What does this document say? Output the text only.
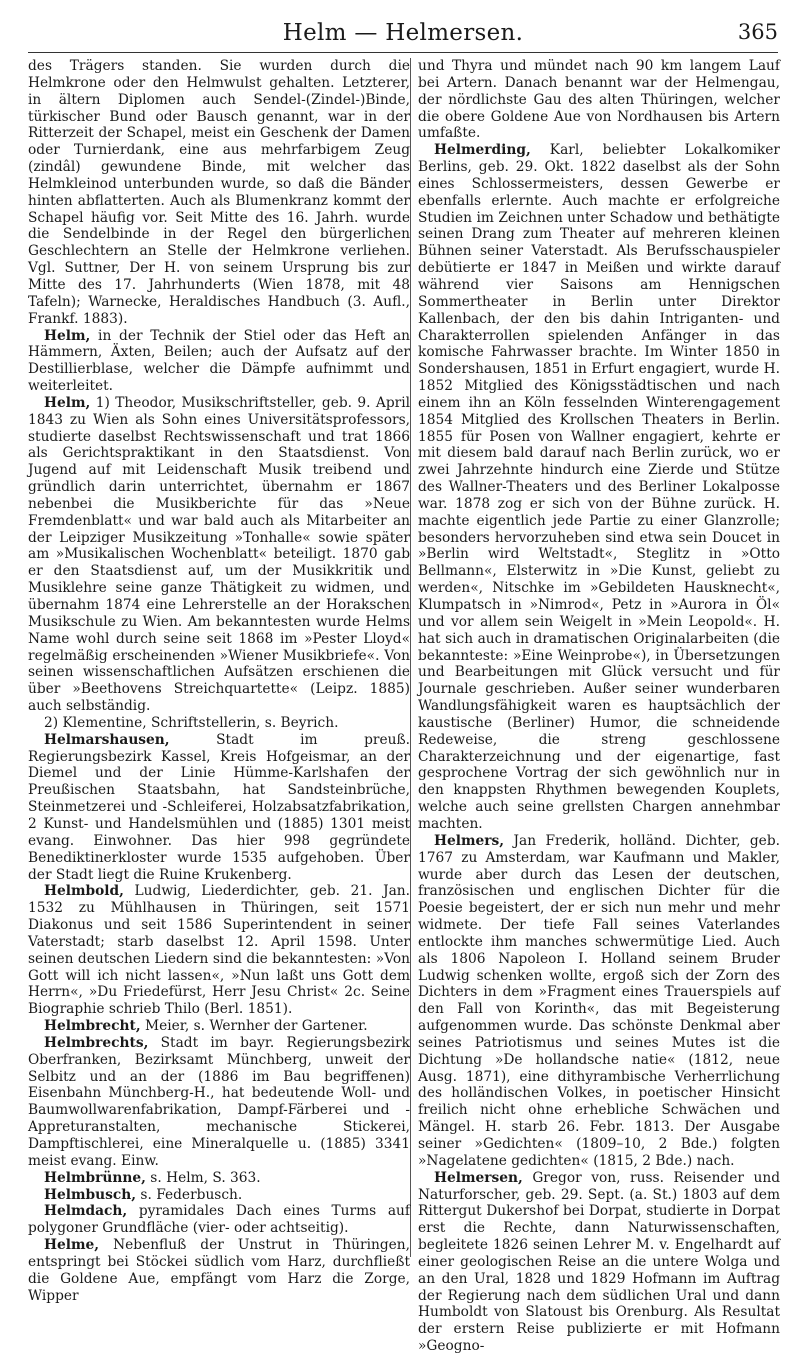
Helm — Helmersen.	365

des Trägers standen. Sie wurden durch die Helmkrone oder den Helmwulst gehalten. Letzterer, in ältern Diplomen auch Sendel-(Zindel-)Binde, türkischer Bund oder Bausch genannt, war in der Ritterzeit der Schapel, meist ein Geschenk der Damen oder Turnierdank, eine aus mehrfarbigem Zeug (zindâl) gewundene Binde, mit welcher das Helmkleinod unterbunden wurde, so daß die Bänder hinten abflatterten. Auch als Blumenkranz kommt der Schapel häufig vor. Seit Mitte des 16. Jahrh. wurde die Sendelbinde in der Regel den bürgerlichen Geschlechtern an Stelle der Helmkrone verliehen. Vgl. Suttner, Der H. von seinem Ursprung bis zur Mitte des 17. Jahrhunderts (Wien 1878, mit 48 Tafeln); Warnecke, Heraldisches Handbuch (3. Aufl., Frankf. 1883).

Helm, in der Technik der Stiel oder das Heft an Hämmern, Äxten, Beilen; auch der Aufsatz auf der Destillierblase, welcher die Dämpfe aufnimmt und weiterleitet.

Helm, 1) Theodor, Musikschriftsteller, geb. 9. April 1843 zu Wien als Sohn eines Universitätsprofessors, studierte daselbst Rechtswissenschaft und trat 1866 als Gerichtspraktikant in den Staatsdienst. Von Jugend auf mit Leidenschaft Musik treibend und gründlich darin unterrichtet, übernahm er 1867 nebenbei die Musikberichte für das »Neue Fremdenblatt« und war bald auch als Mitarbeiter an der Leipziger Musikzeitung »Tonhalle« sowie später am »Musikalischen Wochenblatt« beteiligt. 1870 gab er den Staatsdienst auf, um der Musikkritik und Musiklehre seine ganze Thätigkeit zu widmen, und übernahm 1874 eine Lehrerstelle an der Horakschen Musikschule zu Wien. Am bekanntesten wurde Helms Name wohl durch seine seit 1868 im »Pester Lloyd« regelmäßig erscheinenden »Wiener Musikbriefe«. Von seinen wissenschaftlichen Aufsätzen erschienen die über »Beethovens Streichquartette« (Leipz. 1885) auch selbständig.

2) Klementine, Schriftstellerin, s. Beyrich.

Helmarshausen,	Stadt im preuß. Regierungsbezirk Kassel, Kreis Hofgeismar, an der Diemel und der Linie Hümme-Karlshafen der Preußischen Staatsbahn, hat Sandsteinbrüche, Steinmetzerei und -Schleiferei, Holzabsatzfabrikation, 2 Kunst- und Handelsmühlen und (1885) 1301 meist evang. Einwohner. Das hier 998 gegründete Benediktinerkloster wurde 1535 aufgehoben. Über der Stadt liegt die Ruine Krukenberg.

Helmbold, Ludwig, Liederdichter, geb. 21. Jan. 1532 zu Mühlhausen in Thüringen, seit 1571 Diakonus und seit 1586 Superintendent in seiner Vaterstadt; starb daselbst 12. April 1598. Unter seinen deutschen Liedern sind die bekanntesten: »Von Gott will ich nicht lassen«, »Nun laßt uns Gott dem Herrn«, »Du Friedefürst, Herr Jesu Christ« 2c. Seine Biographie schrieb Thilo (Berl. 1851).

Helmbrecht, Meier, s. Wernher der Gartener.

Helmbrechts, Stadt im bayr. Regierungsbezirk Oberfranken, Bezirksamt Münchberg, unweit der Selbitz und an der (1886 im Bau begriffenen) Eisenbahn Münchberg-H., hat bedeutende Woll- und Baumwollwarenfabrikation, Dampf-Färberei und -Appreturanstalten, mechanische Stickerei, Dampftischlerei, eine Mineralquelle u. (1885) 3341 meist evang. Einw.

Helmbrünne, s. Helm, S. 363.

Helmbusch, s. Federbusch.

Helmdach, pyramidales Dach eines Turms auf polygoner Grundfläche (vier- oder achtseitig).

Helme, Nebenfluß der Unstrut in Thüringen, entspringt bei Stöckei südlich vom Harz, durchfließt die Goldene Aue, empfängt vom Harz die Zorge, Wipper

und Thyra und mündet nach 90 km langem Lauf bei Artern. Danach benannt war der Helmengau, der nördlichste Gau des alten Thüringen, welcher die obere Goldene Aue von Nordhausen bis Artern umfaßte.

Helmerding, Karl, beliebter Lokalkomiker Berlins, geb. 29. Okt. 1822 daselbst als der Sohn eines Schlossermeisters, dessen Gewerbe er ebenfalls erlernte. Auch machte er erfolgreiche Studien im Zeichnen unter Schadow und bethätigte seinen Drang zum Theater auf mehreren kleinen Bühnen seiner Vaterstadt. Als Berufsschauspieler debütierte er 1847 in Meißen und wirkte darauf während vier Saisons am Hennigschen Sommertheater in Berlin unter Direktor Kallenbach, der den bis dahin Intriganten- und Charakterrollen spielenden Anfänger in das komische Fahrwasser brachte. Im Winter 1850 in Sondershausen, 1851 in Erfurt engagiert, wurde H. 1852 Mitglied des Königsstädtischen und nach einem ihn an Köln fesselnden Winterengagement 1854 Mitglied des Krollschen Theaters in Berlin. 1855 für Posen von Wallner engagiert, kehrte er mit diesem bald darauf nach Berlin zurück, wo er zwei Jahrzehnte hindurch eine Zierde und Stütze des Wallner-Theaters und des Berliner Lokalposse war. 1878 zog er sich von der Bühne zurück. H. machte eigentlich jede Partie zu einer Glanzrolle; besonders hervorzuheben sind etwa sein Doucet in »Berlin wird Weltstadt«, Steglitz in »Otto Bellmann«, Elsterwitz in »Die Kunst, geliebt zu werden«, Nitschke im »Gebildeten Hausknecht«, Klumpatsch in »Nimrod«, Petz in »Aurora in Öl« und vor allem sein Weigelt in »Mein Leopold«. H. hat sich auch in dramatischen Originalarbeiten (die bekannteste: »Eine Weinprobe«), in Übersetzungen und Bearbeitungen mit Glück versucht und für Journale geschrieben. Außer seiner wunderbaren Wandlungsfähigkeit waren es hauptsächlich der kaustische (Berliner) Humor, die schneidende Redeweise, die streng geschlossene Charakterzeichnung und der eigenartige, fast gesprochene Vortrag der sich gewöhnlich nur in den knappsten Rhythmen bewegenden Kouplets, welche auch seine grellsten Chargen annehmbar machten.

Helmers, Jan Frederik, holländ. Dichter, geb. 1767 zu Amsterdam, war Kaufmann und Makler, wurde aber durch das Lesen der deutschen, französischen und englischen Dichter für die Poesie begeistert, der er sich nun mehr und mehr widmete. Der tiefe Fall seines Vaterlandes entlockte ihm manches schwermütige Lied. Auch als 1806 Napoleon I. Holland seinem Bruder Ludwig schenken wollte, ergoß sich der Zorn des Dichters in dem »Fragment eines Trauerspiels auf den Fall von Korinth«, das mit Begeisterung aufgenommen wurde. Das schönste Denkmal aber seines Patriotismus und seines Mutes ist die Dichtung »De hollandsche natie« (1812, neue Ausg. 1871), eine dithyrambische Verherrlichung des holländischen Volkes, in poetischer Hinsicht freilich nicht ohne erhebliche Schwächen und Mängel. H. starb 26. Febr. 1813. Der Ausgabe seiner »Gedichten« (1809–10, 2 Bde.) folgten »Nagelatene gedichten« (1815, 2 Bde.) nach.

Helmersen, Gregor von, russ. Reisender und Naturforscher, geb. 29. Sept. (a. St.) 1803 auf dem Rittergut Dukershof bei Dorpat, studierte in Dorpat erst die Rechte, dann Naturwissenschaften, begleitete 1826 seinen Lehrer M. v. Engelhardt auf einer geologischen Reise an die untere Wolga und an den Ural, 1828 und 1829 Hofmann im Auftrag der Regierung nach dem südlichen Ural und dann Humboldt von Slatoust bis Orenburg. Als Resultat der erstern Reise publizierte er mit Hofmann »Geogno-
